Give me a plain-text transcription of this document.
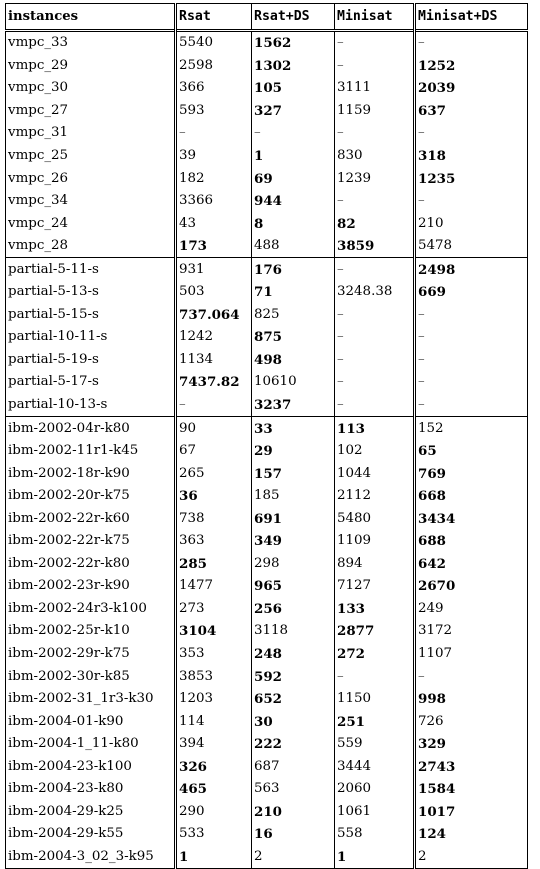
instances	Rsat	Rsat+DS	Minisat	Minisat+DS
vmpc_33	5540	1562	–	–
vmpc_29	2598	1302	–	1252
vmpc_30	366	105	3111	2039
vmpc_27	593	327	1159	637
vmpc_31	–	–	–	–
vmpc_25	39	1	830	318
vmpc_26	182	69	1239	1235
vmpc_34	3366	944	–	–
vmpc_24	43	8	82	210
vmpc_28	173	488	3859	5478
partial-5-11-s	931	176	–	2498
partial-5-13-s	503	71	3248.38	669
partial-5-15-s	737.064	825	–	–
partial-10-11-s	1242	875	–	–
partial-5-19-s	1134	498	–	–
partial-5-17-s	7437.82	10610	–	–
partial-10-13-s	–	3237	–	–
ibm-2002-04r-k80	90	33	113	152
ibm-2002-11r1-k45	67	29	102	65
ibm-2002-18r-k90	265	157	1044	769
ibm-2002-20r-k75	36	185	2112	668
ibm-2002-22r-k60	738	691	5480	3434
ibm-2002-22r-k75	363	349	1109	688
ibm-2002-22r-k80	285	298	894	642
ibm-2002-23r-k90	1477	965	7127	2670
ibm-2002-24r3-k100	273	256	133	249
ibm-2002-25r-k10	3104	3118	2877	3172
ibm-2002-29r-k75	353	248	272	1107
ibm-2002-30r-k85	3853	592	–	–
ibm-2002-31_1r3-k30	1203	652	1150	998
ibm-2004-01-k90	114	30	251	726
ibm-2004-1_11-k80	394	222	559	329
ibm-2004-23-k100	326	687	3444	2743
ibm-2004-23-k80	465	563	2060	1584
ibm-2004-29-k25	290	210	1061	1017
ibm-2004-29-k55	533	16	558	124
ibm-2004-3_02_3-k95	1	2	1	2
